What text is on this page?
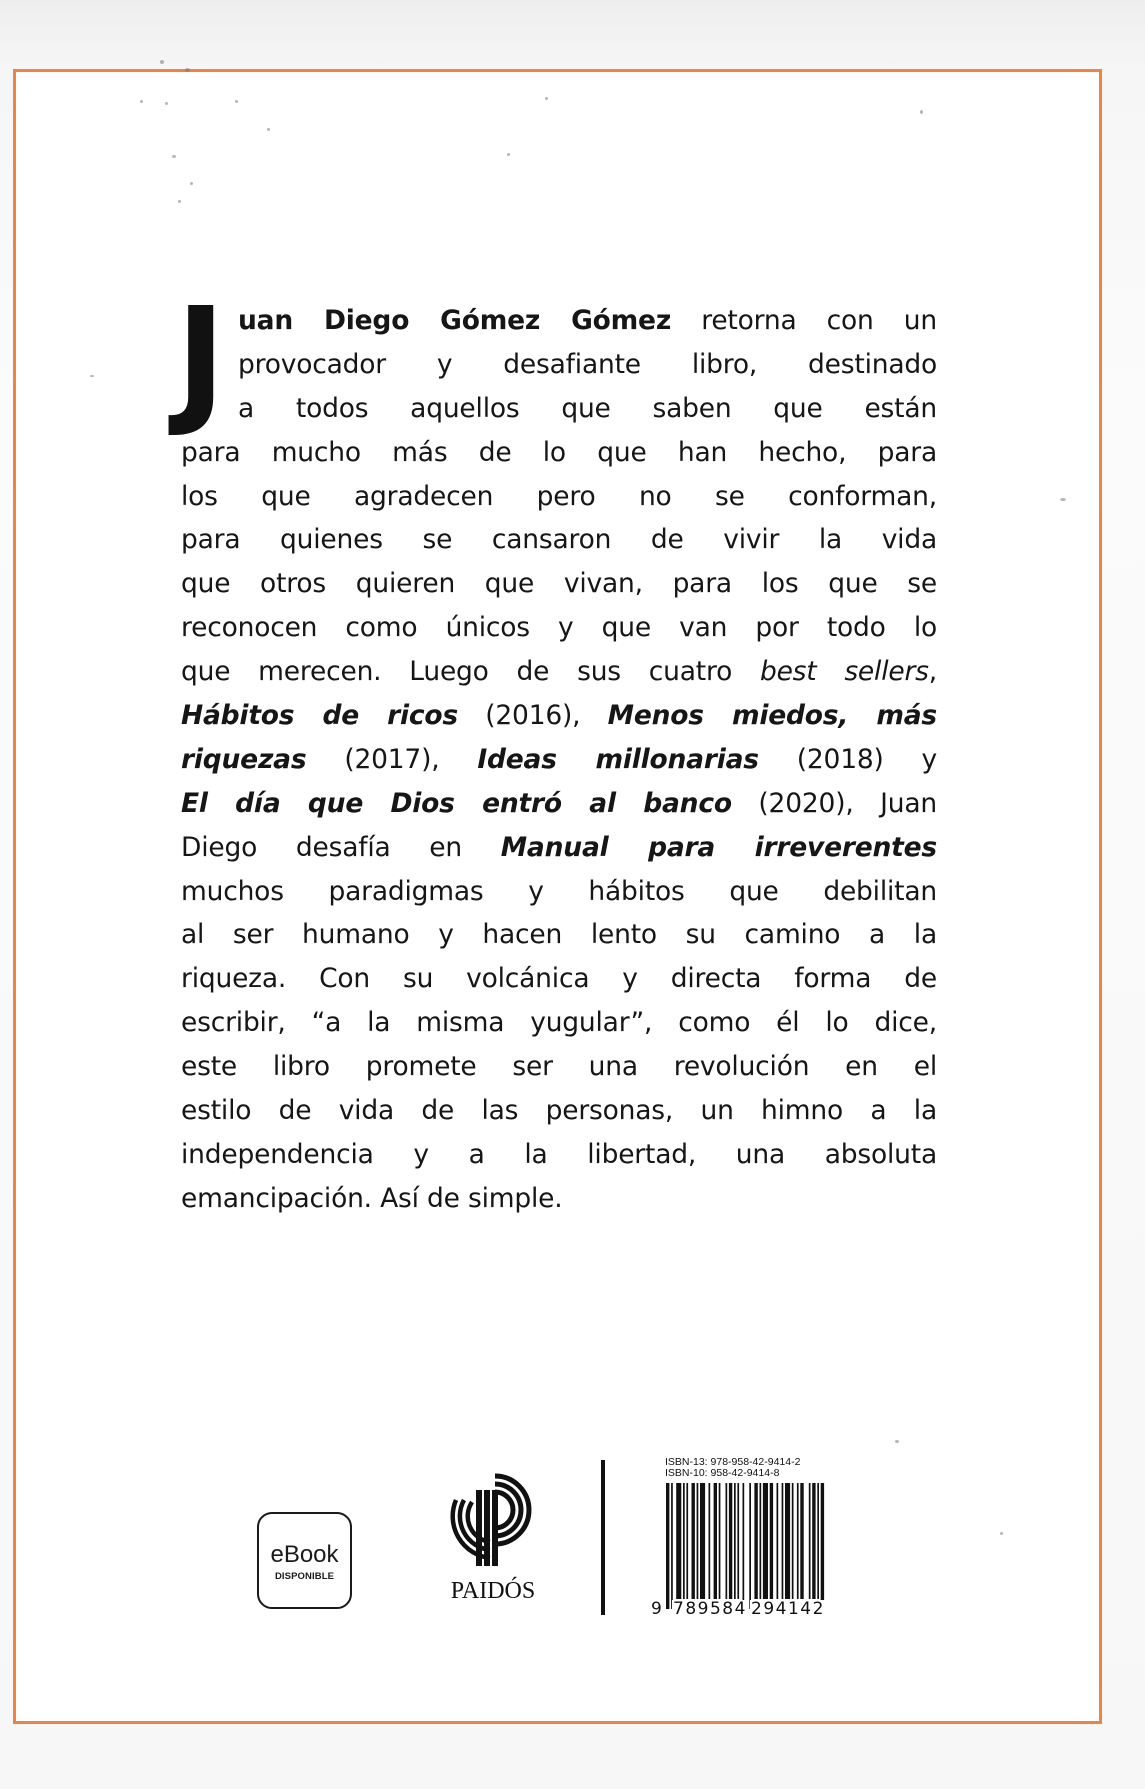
J uan Diego Gómez Gómez retorna con un
provocador y desafiante libro, destinado
a todos aquellos que saben que están
para mucho más de lo que han hecho, para
los que agradecen pero no se conforman,
para quienes se cansaron de vivir la vida
que otros quieren que vivan, para los que se
reconocen como únicos y que van por todo lo
que merecen. Luego de sus cuatro best sellers,
Hábitos de ricos (2016), Menos miedos, más
riquezas (2017), Ideas millonarias (2018) y
El día que Dios entró al banco (2020), Juan
Diego desafía en Manual para irreverentes
muchos paradigmas y hábitos que debilitan
al ser humano y hacen lento su camino a la
riqueza. Con su volcánica y directa forma de
escribir, “a la misma yugular”, como él lo dice,
este libro promete ser una revolución en el
estilo de vida de las personas, un himno a la
independencia y a la libertad, una absoluta
emancipación. Así de simple.
eBook
DISPONIBLE
PAIDÓS
ISBN-13: 978-958-42-9414-2
ISBN-10: 958-42-9414-8
9 789584 294142
